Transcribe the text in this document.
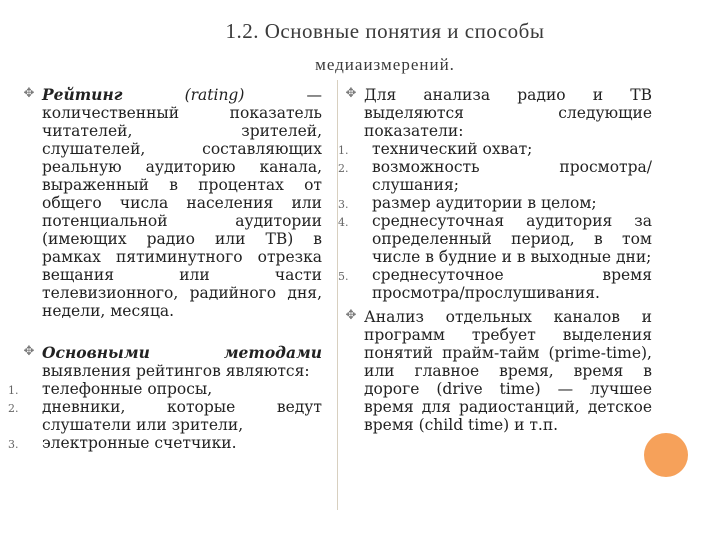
1.2. Основные понятия и способы
медиаизмерений.
✥ Рейтинг	(rating)	— количественный показатель читателей, зрителей, слушателей, составляющих реальную аудиторию канала, выраженный в процентах от общего числа населения или потенциальной аудитории (имеющих радио или ТВ) в рамках пятиминутного отрезка вещания или части телевизионного, радийного дня, недели, месяца.
✥ Основными методами выявления рейтингов являются:
1. телефонные опросы,
2. дневники, которые ведут слушатели или зрители,
3. электронные счетчики.
✥ Для анализа радио и ТВ выделяются следующие показатели:
1. технический охват;
2. возможность просмотра/слушания;
3. размер аудитории в целом;
4. среднесуточная аудитория за определенный период, в том числе в будние и в выходные дни;
5. среднесуточное время просмотра/прослушивания.
✥ Анализ отдельных каналов и программ требует выделения понятий прайм-тайм (prime-time), или главное время, время в дороге (drive time) — лучшее время для радиостанций, детское время (child time) и т.п.
